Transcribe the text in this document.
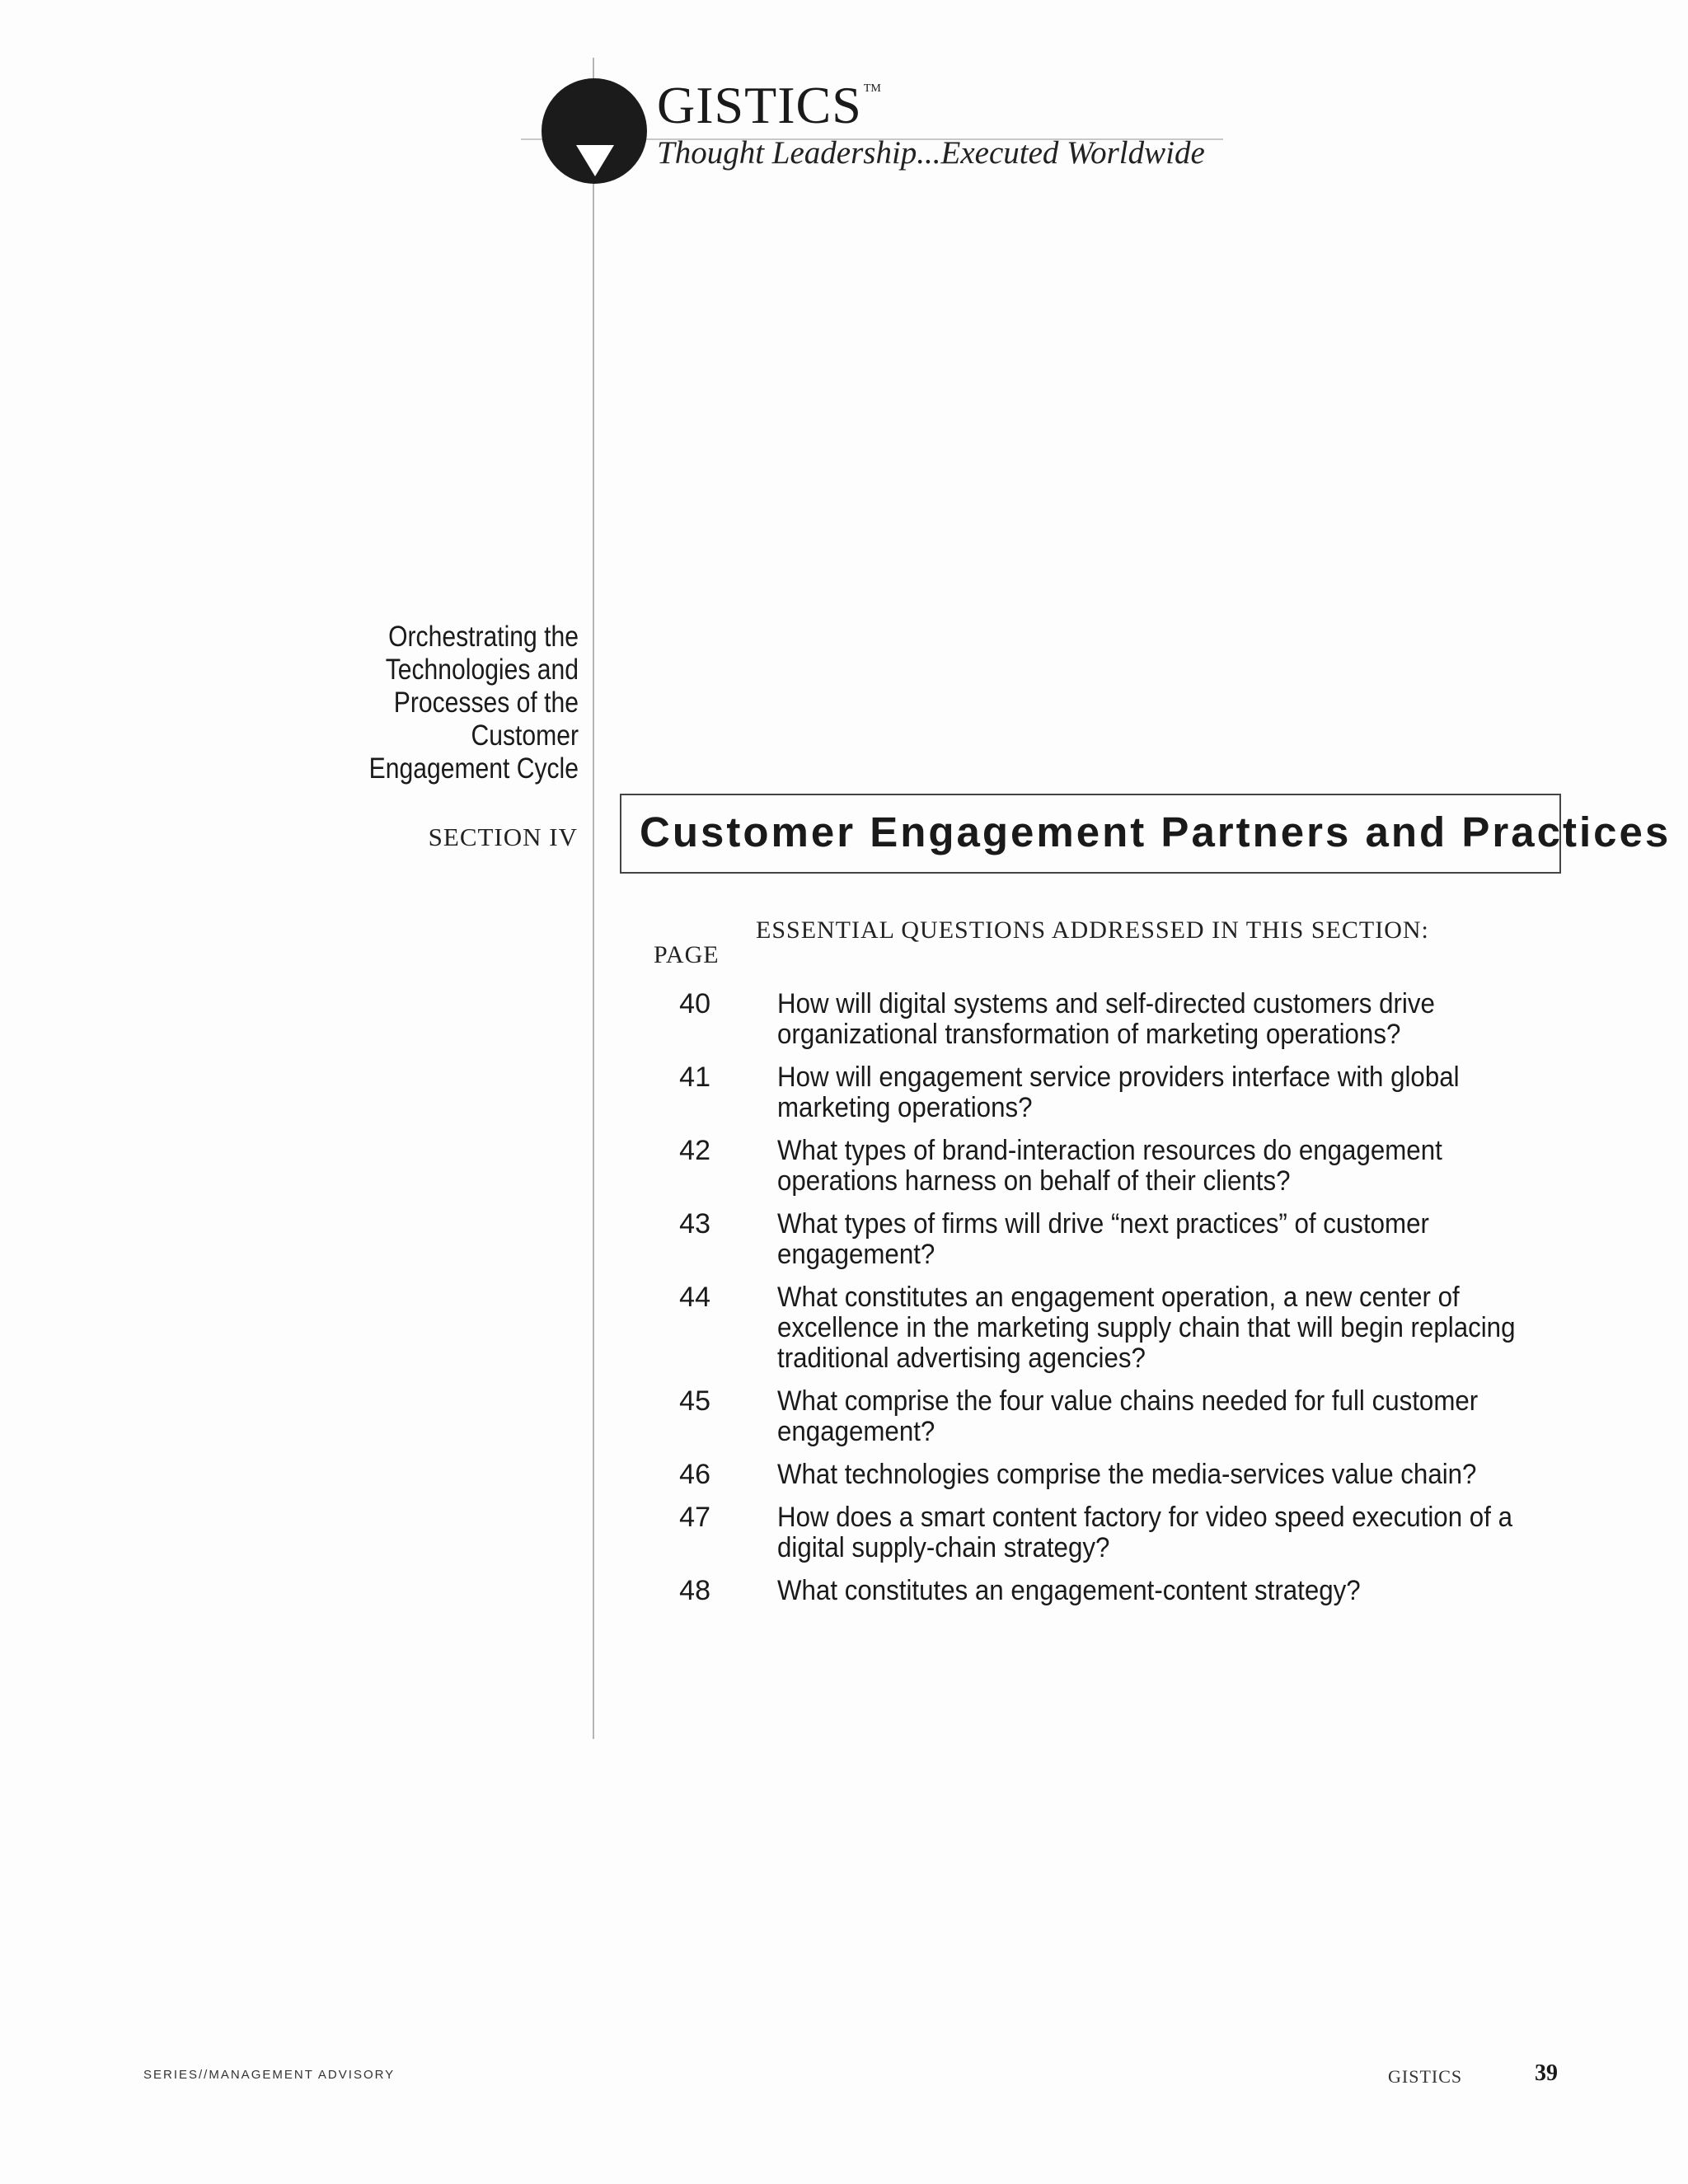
GISTICS ™
Thought Leadership...Executed Worldwide
Orchestrating the
Technologies and
Processes of the
Customer
Engagement Cycle
SECTION IV Customer Engagement Partners and Practices
ESSENTIAL QUESTIONS ADDRESSED IN THIS SECTION:
PAGE
40 How will digital systems and self-directed customers drive
organizational transformation of marketing operations?
41 How will engagement service providers interface with global
marketing operations?
42 What types of brand-interaction resources do engagement
operations harness on behalf of their clients?
43 What types of firms will drive “next practices” of customer
engagement?
44 What constitutes an engagement operation, a new center of
excellence in the marketing supply chain that will begin replacing
traditional advertising agencies?
45 What comprise the four value chains needed for full customer
engagement?
46 What technologies comprise the media-services value chain?
47 How does a smart content factory for video speed execution of a
digital supply-chain strategy?
48 What constitutes an engagement-content strategy?
SERIES//MANAGEMENT ADVISORY	GISTICS	39
